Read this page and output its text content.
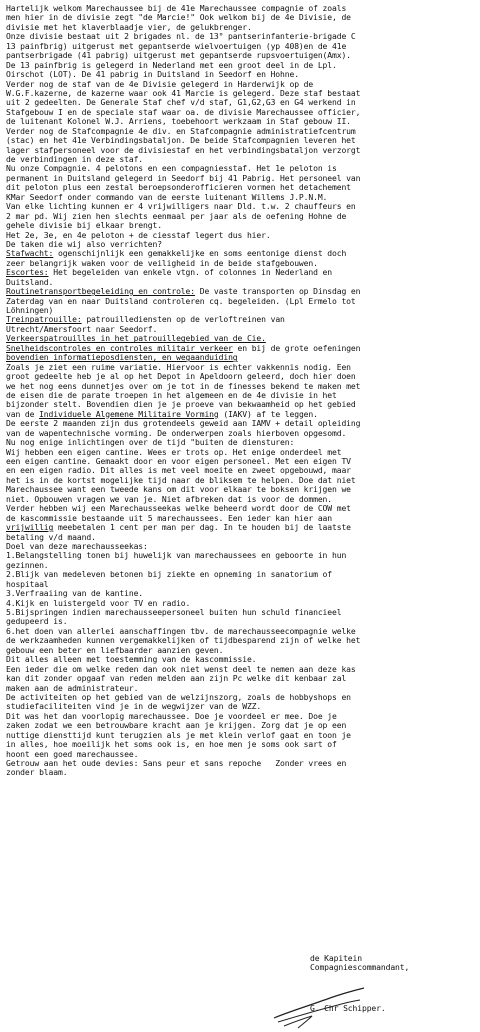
Hartelijk welkom Marechaussee bij de 41e Marechaussee compagnie of zoals
men hier in de divisie zegt "de Marcie!" Ook welkom bij de 4e Divisie, de
divisie met het klaverblaadje vier, de gelukbrenger.
Onze divisie bestaat uit 2 brigades nl. de 13° pantserinfanterie-brigade C
13 painfbrig) uitgerust met gepantserde wielvoertuigen (yp 408)en de 41e
pantserbrigade (41 pabrig) uitgerust met gepantserde rupsvoertuigen(Amx).
De 13 painfbrig is gelegerd in Nederland met een groot deel in de Lpl.
Oirschot (LOT). De 41 pabrig in Duitsland in Seedorf en Hohne.
Verder nog de staf van de 4e Divisie gelegerd in Harderwijk op de
W.G.F.kazerne, de kazerne waar ook 41 Marcie is gelegerd. Deze staf bestaat
uit 2 gedeelten. De Generale Staf chef v/d staf, G1,G2,G3 en G4 werkend in
Stafgebouw I en de speciale staf waar oa. de divisie Marechaussee officier,
de luitenant Kolonel W.J. Arriens, toebehoort werkzaam in Staf gebouw II.
Verder nog de Stafcompagnie 4e div. en Stafcompagnie administratiefcentrum
(stac) en het 41e Verbindingsbataljon. De beide Stafcompagnien leveren het
lager stafpersoneel voor de divisiestaf en het verbindingsbataljon verzorgt
de verbindingen in deze staf.
Nu onze Compagnie. 4 pelotons en een compagniesstaf. Het 1e peloton is
permanent in Duitsland gelegerd in Seedorf bij 41 Pabrig. Het personeel van
dit peloton plus een zestal beroepsonderofficieren vormen het detachement
KMar Seedorf onder commando van de eerste luitenant Willems J.P.N.M.
Van elke lichting kunnen er 4 vrijwilligers naar Dld. t.w. 2 chauffeurs en
2 mar pd. Wij zien hen slechts eenmaal per jaar als de oefening Hohne de
gehele divisie bij elkaar brengt.
Het 2e, 3e, en 4e peloton + de ciesstaf legert dus hier.
De taken die wij also verrichten?
Stafwacht: ogenschijnlijk een gemakkelijke en soms eentonige dienst doch
zeer belangrijk waken voor de veiligheid in de beide stafgebouwen.
Escortes: Het begeleiden van enkele vtgn. of colonnes in Nederland en
Duitsland.
Routinetransportbegeleiding en controle: De vaste transporten op Dinsdag en
Zaterdag van en naar Duitsland controleren cq. begeleiden. (Lpl Ermelo tot
Löhningen)
Treinpatrouille: patrouillediensten op de verloftreinen van
Utrecht/Amersfoort naar Seedorf.
Verkeerspatrouilles in het patrouillegebied van de Cie.
Snelheidscontroles en controles militair verkeer en bij de grote oefeningen
bovendien informatieposdiensten, en wegaanduiding
Zoals je ziet een ruime variatie. Hiervoor is echter vakkennis nodig. Een
groot gedeelte heb je al op het Depot in Apeldoorn geleerd, doch hier doen
we het nog eens dunnetjes over om je tot in de finesses bekend te maken met
de eisen die de parate troepen in het algemeen en de 4e divisie in het
bijzonder stelt. Bovendien dien je je proeve van bekwaamheid op het gebied
van de Individuele Algemene Militaire Vorming (IAKV) af te leggen.
De eerste 2 maanden zijn dus grotendeels geweid aan IAMV + detail opleiding
van de wapentechnische vorming. De onderwerpen zoals hierboven opgesomd.
Nu nog enige inlichtingen over de tijd "buiten de diensturen:
Wij hebben een eigen cantine. Wees er trots op. Het enige onderdeel met
een eigen cantine. Gemaakt door en voor eigen personeel. Met een eigen TV
en een eigen radio. Dit alles is met veel moeite en zweet opgebouwd, maar
het is in de kortst mogelijke tijd naar de bliksem te helpen. Doe dat niet
Marechaussee want een tweede kans om dit voor elkaar te boksen krijgen we
niet. Opbouwen vragen we van je. Niet afbreken dat is voor de dommen.
Verder hebben wij een Marechausseekas welke beheerd wordt door de COW met
de kascommissie bestaande uit 5 marechaussees. Een ieder kan hier aan
vrijwillig meebetalen 1 cent per man per dag. In te houden bij de laatste
betaling v/d maand.
Doel van deze marechausseekas:
1.Belangstelling tonen bij huwelijk van marechaussees en geboorte in hun
gezinnen.
2.Blijk van medeleven betonen bij ziekte en opneming in sanatorium of
hospitaal
3.Verfraaiing van de kantine.
4.Kijk en luistergeld voor TV en radio.
5.Bijspringen indien marechausseepersoneel buiten hun schuld financieel
gedupeerd is.
6.het doen van allerlei aanschaffingen tbv. de marechausseecompagnie welke
de werkzaamheden kunnen vergemakkelijken of tijdbesparend zijn of welke het
gebouw een beter en liefbaarder aanzien geven.
Dit alles alleen met toestemming van de kascommissie.
Een ieder die om welke reden dan ook niet wenst deel te nemen aan deze kas
kan dit zonder opgaaf van reden melden aan zijn Pc welke dit kenbaar zal
maken aan de administrateur.
De activiteiten op het gebied van de welzijnszorg, zoals de hobbyshops en
studiefaciliteiten vind je in de wegwijzer van de WZZ.
Dit was het dan voorlopig marechaussee. Doe je voordeel er mee. Doe je
zaken zodat we een betrouwbare kracht aan je krijgen. Zorg dat je op een
nuttige diensttijd kunt terugzien als je met klein verlof gaat en toon je
in alles, hoe moeilijk het soms ook is, en hoe men je soms ook sart of
hoont een goed marechaussee.
Getrouw aan het oude devies: Sans peur et sans repoche   Zonder vrees en
zonder blaam.
de Kapitein
Compagniescommandant,
G. Chr Schipper.
